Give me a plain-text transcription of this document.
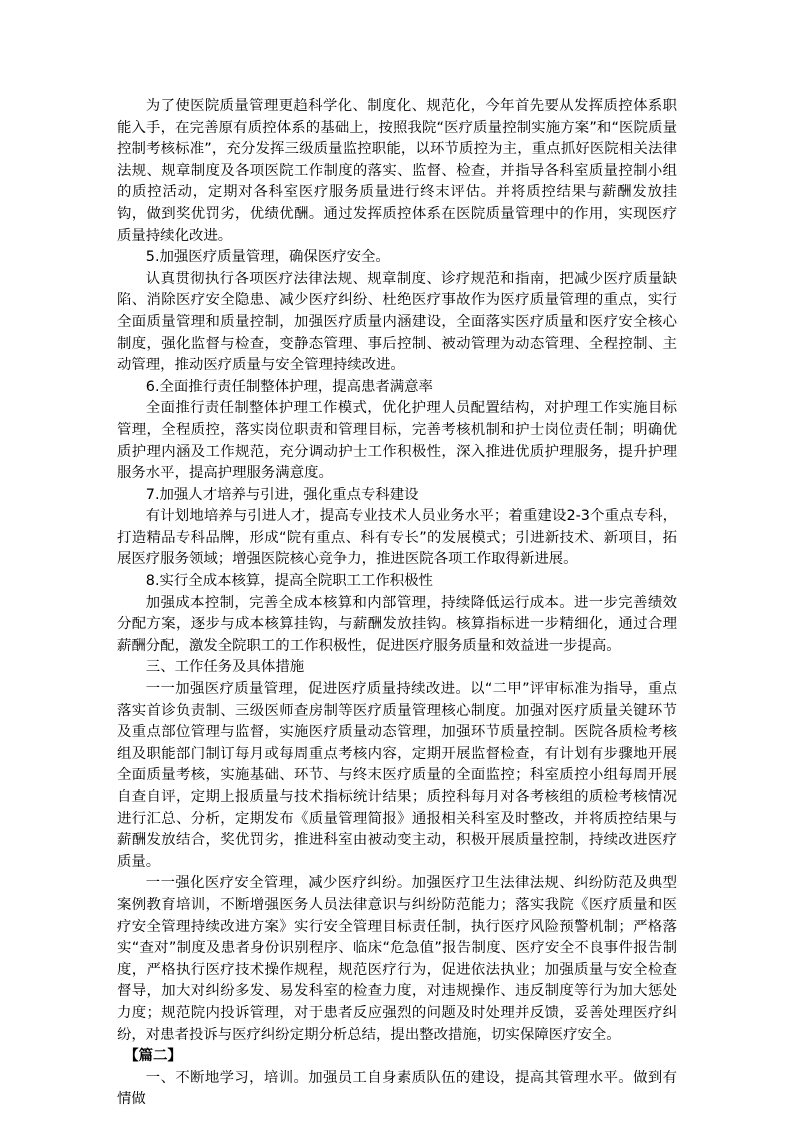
为了使医院质量管理更趋科学化、制度化、规范化，今年首先要从发挥质控体系职能入手，在完善原有质控体系的基础上，按照我院“医疗质量控制实施方案”和“医院质量控制考核标准”，充分发挥三级质量监控职能，以环节质控为主，重点抓好医院相关法律法规、规章制度及各项医院工作制度的落实、监督、检查，并指导各科室质量控制小组的质控活动，定期对各科室医疗服务质量进行终末评估。并将质控结果与薪酬发放挂钩，做到奖优罚劣，优绩优酬。通过发挥质控体系在医院质量管理中的作用，实现医疗质量持续化改进。

5.加强医疗质量管理，确保医疗安全。

认真贯彻执行各项医疗法律法规、规章制度、诊疗规范和指南，把减少医疗质量缺陷、消除医疗安全隐患、减少医疗纠纷、杜绝医疗事故作为医疗质量管理的重点，实行全面质量管理和质量控制，加强医疗质量内涵建设，全面落实医疗质量和医疗安全核心制度，强化监督与检查，变静态管理、事后控制、被动管理为动态管理、全程控制、主动管理，推动医疗质量与安全管理持续改进。

6.全面推行责任制整体护理，提高患者满意率

全面推行责任制整体护理工作模式，优化护理人员配置结构，对护理工作实施目标管理，全程质控，落实岗位职责和管理目标，完善考核机制和护士岗位责任制；明确优质护理内涵及工作规范，充分调动护士工作积极性，深入推进优质护理服务，提升护理服务水平，提高护理服务满意度。

7.加强人才培养与引进，强化重点专科建设

有计划地培养与引进人才，提高专业技术人员业务水平；着重建设2-3个重点专科，打造精品专科品牌，形成“院有重点、科有专长”的发展模式；引进新技术、新项目，拓展医疗服务领域；增强医院核心竞争力，推进医院各项工作取得新进展。

8.实行全成本核算，提高全院职工工作积极性

加强成本控制，完善全成本核算和内部管理，持续降低运行成本。进一步完善绩效分配方案，逐步与成本核算挂钩，与薪酬发放挂钩。核算指标进一步精细化，通过合理薪酬分配，激发全院职工的工作积极性，促进医疗服务质量和效益进一步提高。

三、工作任务及具体措施

一一加强医疗质量管理，促进医疗质量持续改进。以“二甲”评审标准为指导，重点落实首诊负责制、三级医师查房制等医疗质量管理核心制度。加强对医疗质量关键环节及重点部位管理与监督，实施医疗质量动态管理，加强环节质量控制。医院各质检考核组及职能部门制订每月或每周重点考核内容，定期开展监督检查，有计划有步骤地开展全面质量考核，实施基础、环节、与终末医疗质量的全面监控；科室质控小组每周开展自查自评，定期上报质量与技术指标统计结果；质控科每月对各考核组的质检考核情况进行汇总、分析，定期发布《质量管理简报》通报相关科室及时整改，并将质控结果与薪酬发放结合，奖优罚劣，推进科室由被动变主动，积极开展质量控制，持续改进医疗质量。

一一强化医疗安全管理，减少医疗纠纷。加强医疗卫生法律法规、纠纷防范及典型案例教育培训，不断增强医务人员法律意识与纠纷防范能力；落实我院《医疗质量和医疗安全管理持续改进方案》实行安全管理目标责任制，执行医疗风险预警机制；严格落实“查对”制度及患者身份识别程序、临床“危急值”报告制度、医疗安全不良事件报告制度，严格执行医疗技术操作规程，规范医疗行为，促进依法执业；加强质量与安全检查督导，加大对纠纷多发、易发科室的检查力度，对违规操作、违反制度等行为加大惩处力度；规范院内投诉管理，对于患者反应强烈的问题及时处理并反馈，妥善处理医疗纠纷，对患者投诉与医疗纠纷定期分析总结，提出整改措施，切实保障医疗安全。

【篇二】

一、不断地学习，培训。加强员工自身素质队伍的建设，提高其管理水平。做到有情做
